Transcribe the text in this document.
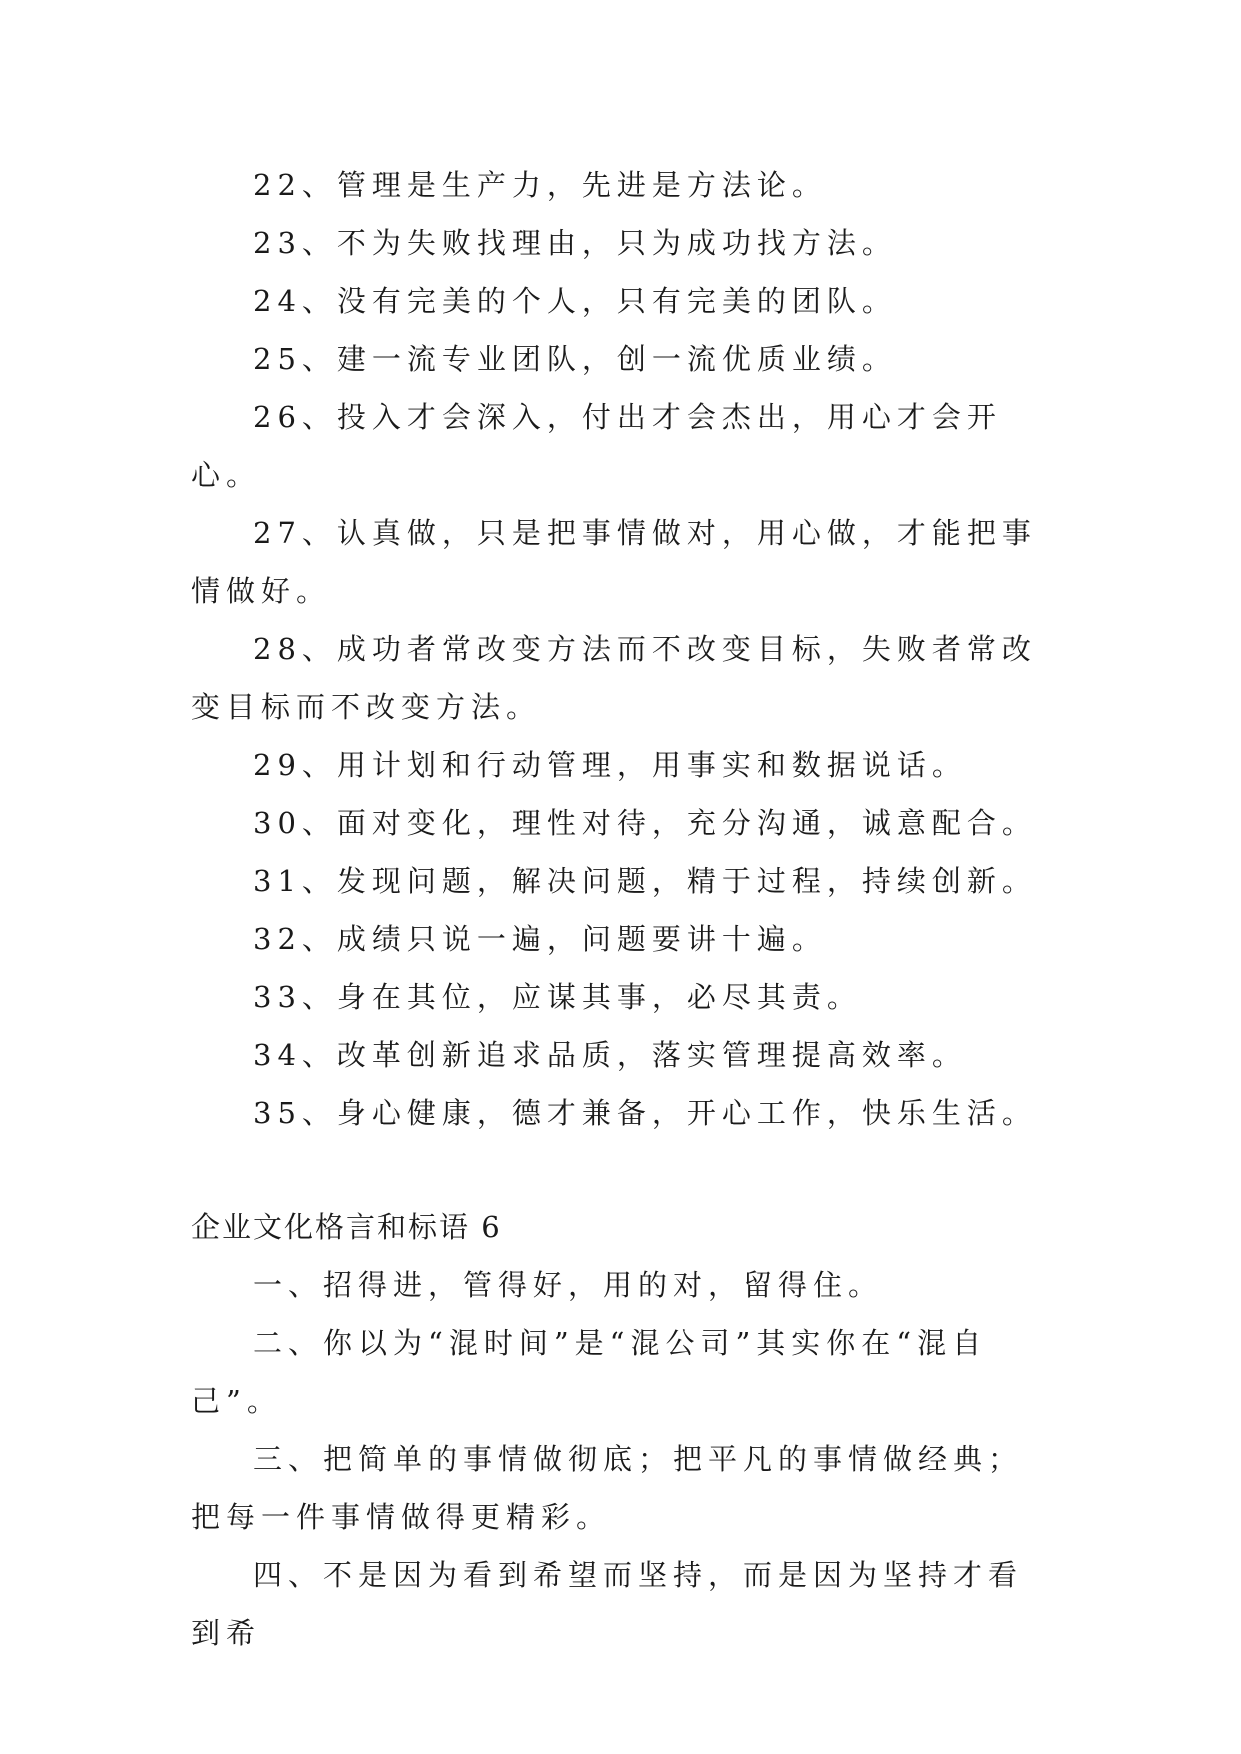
22、管理是生产力，先进是方法论。

23、不为失败找理由，只为成功找方法。

24、没有完美的个人，只有完美的团队。

25、建一流专业团队，创一流优质业绩。

26、投入才会深入，付出才会杰出，用心才会开心。

27、认真做，只是把事情做对，用心做，才能把事情做好。

28、成功者常改变方法而不改变目标，失败者常改变目标而不改变方法。

29、用计划和行动管理，用事实和数据说话。

30、面对变化，理性对待，充分沟通，诚意配合。

31、发现问题，解决问题，精于过程，持续创新。

32、成绩只说一遍，问题要讲十遍。

33、身在其位，应谋其事，必尽其责。

34、改革创新追求品质，落实管理提高效率。

35、身心健康，德才兼备，开心工作，快乐生活。

企业文化格言和标语 6

一、招得进，管得好，用的对，留得住。

二、你以为“混时间”是“混公司”其实你在“混自己”。

三、把简单的事情做彻底；把平凡的事情做经典；把每一件事情做得更精彩。

四、不是因为看到希望而坚持，而是因为坚持才看到希
